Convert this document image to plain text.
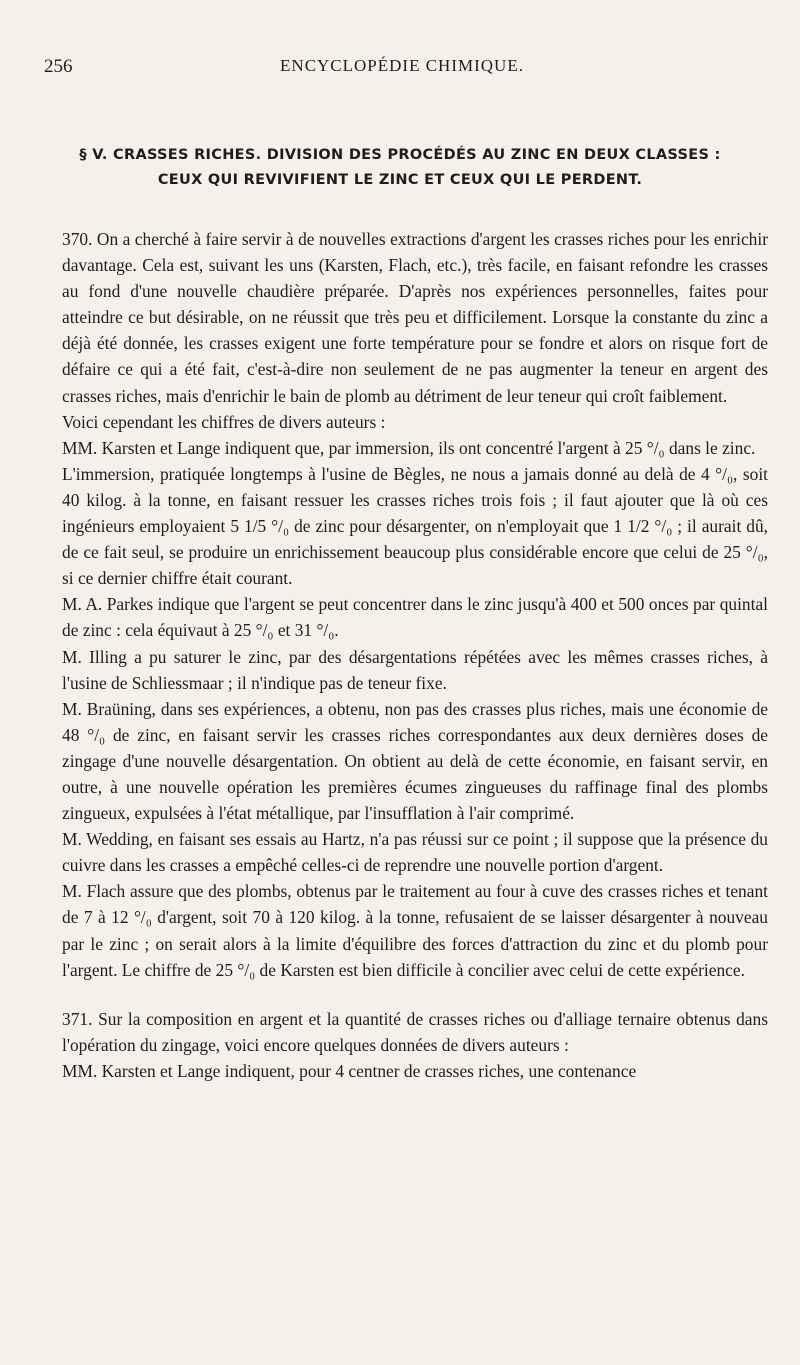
256	ENCYCLOPÉDIE CHIMIQUE.
§ V. CRASSES RICHES. DIVISION DES PROCÉDÉS AU ZINC EN DEUX CLASSES :
CEUX QUI REVIVIFIENT LE ZINC ET CEUX QUI LE PERDENT.

370. On a cherché à faire servir à de nouvelles extractions d'argent les crasses riches pour les enrichir davantage. Cela est, suivant les uns (Karsten, Flach, etc.), très facile, en faisant refondre les crasses au fond d'une nouvelle chaudière préparée. D'après nos expériences personnelles, faites pour atteindre ce but désirable, on ne réussit que très peu et difficilement. Lorsque la constante du zinc a déjà été donnée, les crasses exigent une forte température pour se fondre et alors on risque fort de défaire ce qui a été fait, c'est-à-dire non seulement de ne pas augmenter la teneur en argent des crasses riches, mais d'enrichir le bain de plomb au détriment de leur teneur qui croît faiblement.

Voici cependant les chiffres de divers auteurs :

MM. Karsten et Lange indiquent que, par immersion, ils ont concentré l'argent à 25 °/₀ dans le zinc.

L'immersion, pratiquée longtemps à l'usine de Bègles, ne nous a jamais donné au delà de 4 °/₀, soit 40 kilog. à la tonne, en faisant ressuer les crasses riches trois fois ; il faut ajouter que là où ces ingénieurs employaient 5 1/5 °/₀ de zinc pour désargenter, on n'employait que 1 1/2 °/₀ ; il aurait dû, de ce fait seul, se produire un enrichissement beaucoup plus considérable encore que celui de 25 °/₀, si ce dernier chiffre était courant.

M. A. Parkes indique que l'argent se peut concentrer dans le zinc jusqu'à 400 et 500 onces par quintal de zinc : cela équivaut à 25 °/₀ et 31 °/₀.

M. Illing a pu saturer le zinc, par des désargentations répétées avec les mêmes crasses riches, à l'usine de Schliessmaar ; il n'indique pas de teneur fixe.

M. Braüning, dans ses expériences, a obtenu, non pas des crasses plus riches, mais une économie de 48 °/₀ de zinc, en faisant servir les crasses riches correspondantes aux deux dernières doses de zingage d'une nouvelle désargentation. On obtient au delà de cette économie, en faisant servir, en outre, à une nouvelle opération les premières écumes zingueuses du raffinage final des plombs zingueux, expulsées à l'état métallique, par l'insufflation à l'air comprimé.

M. Wedding, en faisant ses essais au Hartz, n'a pas réussi sur ce point ; il suppose que la présence du cuivre dans les crasses a empêché celles-ci de reprendre une nouvelle portion d'argent.

M. Flach assure que des plombs, obtenus par le traitement au four à cuve des crasses riches et tenant de 7 à 12 °/₀ d'argent, soit 70 à 120 kilog. à la tonne, refusaient de se laisser désargenter à nouveau par le zinc ; on serait alors à la limite d'équilibre des forces d'attraction du zinc et du plomb pour l'argent. Le chiffre de 25 °/₀ de Karsten est bien difficile à concilier avec celui de cette expérience.

371. Sur la composition en argent et la quantité de crasses riches ou d'alliage ternaire obtenus dans l'opération du zingage, voici encore quelques données de divers auteurs :

MM. Karsten et Lange indiquent, pour 4 centner de crasses riches, une contenance
